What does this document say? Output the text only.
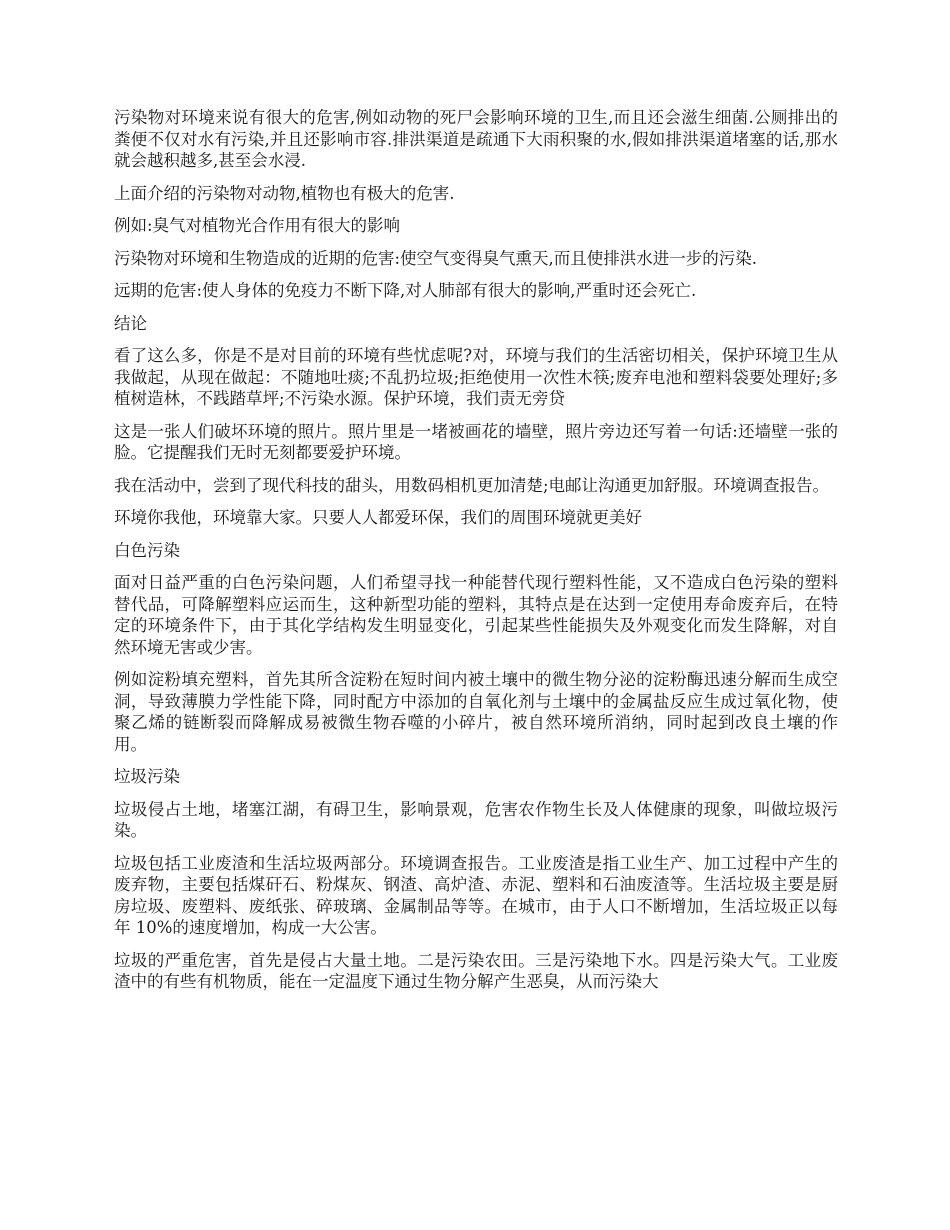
污染物对环境来说有很大的危害,例如动物的死尸会影响环境的卫生,而且还会滋生细菌.公厕排出的粪便不仅对水有污染,并且还影响市容.排洪渠道是疏通下大雨积聚的水,假如排洪渠道堵塞的话,那水就会越积越多,甚至会水浸.

上面介绍的污染物对动物,植物也有极大的危害.

例如:臭气对植物光合作用有很大的影响

污染物对环境和生物造成的近期的危害:使空气变得臭气熏天,而且使排洪水进一步的污染.

远期的危害:使人身体的免疫力不断下降,对人肺部有很大的影响,严重时还会死亡.

结论

看了这么多，你是不是对目前的环境有些忧虑呢?对，环境与我们的生活密切相关，保护环境卫生从我做起，从现在做起：不随地吐痰;不乱扔垃圾;拒绝使用一次性木筷;废弃电池和塑料袋要处理好;多植树造林，不践踏草坪;不污染水源。保护环境，我们责无旁贷

这是一张人们破坏环境的照片。照片里是一堵被画花的墙壁，照片旁边还写着一句话:还墙壁一张的脸。它提醒我们无时无刻都要爱护环境。

我在活动中，尝到了现代科技的甜头，用数码相机更加清楚;电邮让沟通更加舒服。环境调查报告。

环境你我他，环境靠大家。只要人人都爱环保，我们的周围环境就更美好

白色污染

面对日益严重的白色污染问题，人们希望寻找一种能替代现行塑料性能，又不造成白色污染的塑料替代品，可降解塑料应运而生，这种新型功能的塑料，其特点是在达到一定使用寿命废弃后，在特定的环境条件下，由于其化学结构发生明显变化，引起某些性能损失及外观变化而发生降解，对自然环境无害或少害。

例如淀粉填充塑料，首先其所含淀粉在短时间内被土壤中的微生物分泌的淀粉酶迅速分解而生成空洞，导致薄膜力学性能下降，同时配方中添加的自氧化剂与土壤中的金属盐反应生成过氧化物，使聚乙烯的链断裂而降解成易被微生物吞噬的小碎片，被自然环境所消纳，同时起到改良土壤的作用。

垃圾污染

垃圾侵占土地，堵塞江湖，有碍卫生，影响景观，危害农作物生长及人体健康的现象，叫做垃圾污染。

垃圾包括工业废渣和生活垃圾两部分。环境调查报告。工业废渣是指工业生产、加工过程中产生的废弃物，主要包括煤矸石、粉煤灰、钢渣、高炉渣、赤泥、塑料和石油废渣等。生活垃圾主要是厨房垃圾、废塑料、废纸张、碎玻璃、金属制品等等。在城市，由于人口不断增加，生活垃圾正以每年 10%的速度增加，构成一大公害。

垃圾的严重危害，首先是侵占大量土地。二是污染农田。三是污染地下水。四是污染大气。工业废渣中的有些有机物质，能在一定温度下通过生物分解产生恶臭，从而污染大
